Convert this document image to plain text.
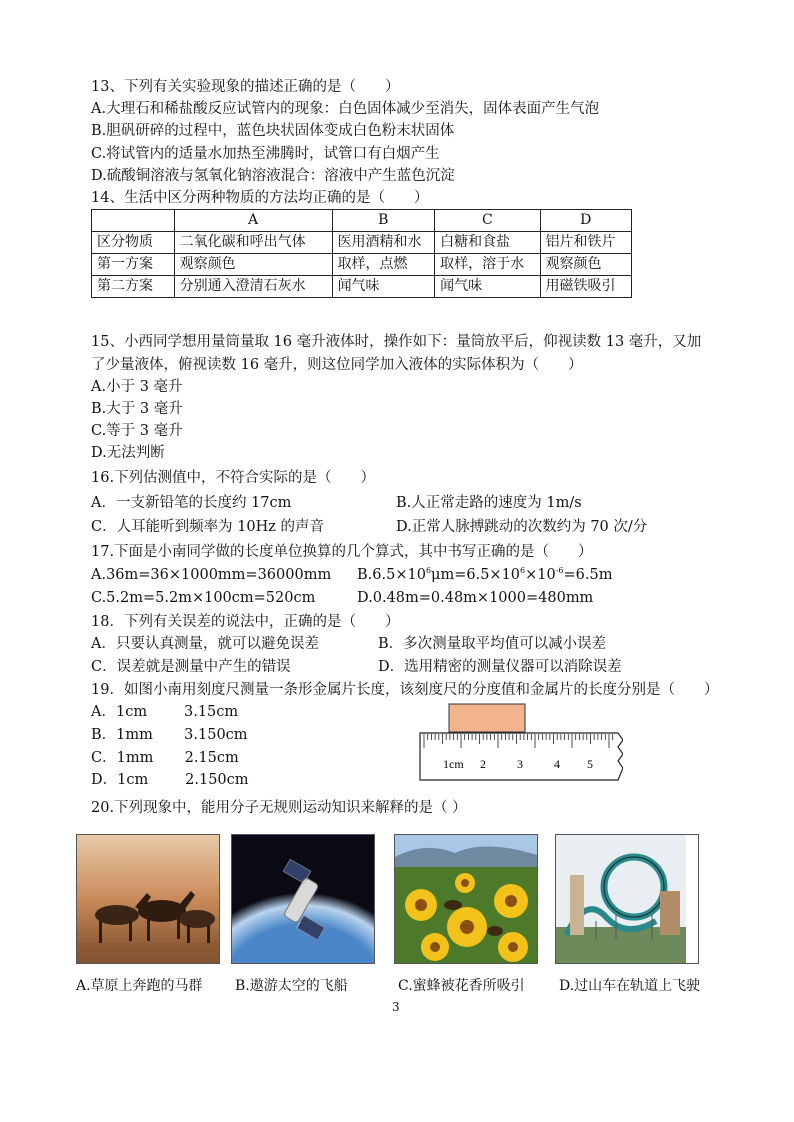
13、下列有关实验现象的描述正确的是（　　）
A.大理石和稀盐酸反应试管内的现象：白色固体减少至消失，固体表面产生气泡
B.胆矾研碎的过程中，蓝色块状固体变成白色粉末状固体
C.将试管内的适量水加热至沸腾时，试管口有白烟产生
D.硫酸铜溶液与氢氧化钠溶液混合：溶液中产生蓝色沉淀
14、生活中区分两种物质的方法均正确的是（　　）
	A	B	C	D
区分物质	二氧化碳和呼出气体	医用酒精和水	白糖和食盐	铝片和铁片
第一方案	观察颜色	取样，点燃	取样，溶于水	观察颜色
第二方案	分别通入澄清石灰水	闻气味	闻气味	用磁铁吸引
15、小西同学想用量筒量取 16 毫升液体时，操作如下：量筒放平后，仰视读数 13 毫升，又加
了少量液体，俯视读数 16 毫升，则这位同学加入液体的实际体积为（　　）
A.小于 3 毫升
B.大于 3 毫升
C.等于 3 毫升
D.无法判断
16.下列估测值中，不符合实际的是（　　）
A．一支新铅笔的长度约 17cm	B.人正常走路的速度为 1m/s
C．人耳能听到频率为 10Hz 的声音	D.正常人脉搏跳动的次数约为 70 次/分
17.下面是小南同学做的长度单位换算的几个算式，其中书写正确的是（　　）
A.36m=36×1000mm=36000mm $B.6.5\times 10^6\mu m=6.5\times 10^6\times 10^{-6}=6.5m$
C.5.2m=5.2m×100cm=520cm	D.0.48m=0.48m×1000=480mm
18．下列有关误差的说法中，正确的是（　　）
A．只要认真测量，就可以避免误差	B．多次测量取平均值可以减小误差
C．误差就是测量中产生的错误	D．选用精密的测量仪器可以消除误差
19．如图小南用刻度尺测量一条形金属片长度，该刻度尺的分度值和金属片的长度分别是（　　）
A．1cm	3.15cm
B．1mm 3.150cm
C．1mm 2.15cm
D．1cm	2.150cm
1cm 2	3	4 5
20.下列现象中，能用分子无规则运动知识来解释的是（ ）
A.草原上奔跑的马群 B.遨游太空的飞船	C.蜜蜂被花香所吸引 D.过山车在轨道上飞驶
3
